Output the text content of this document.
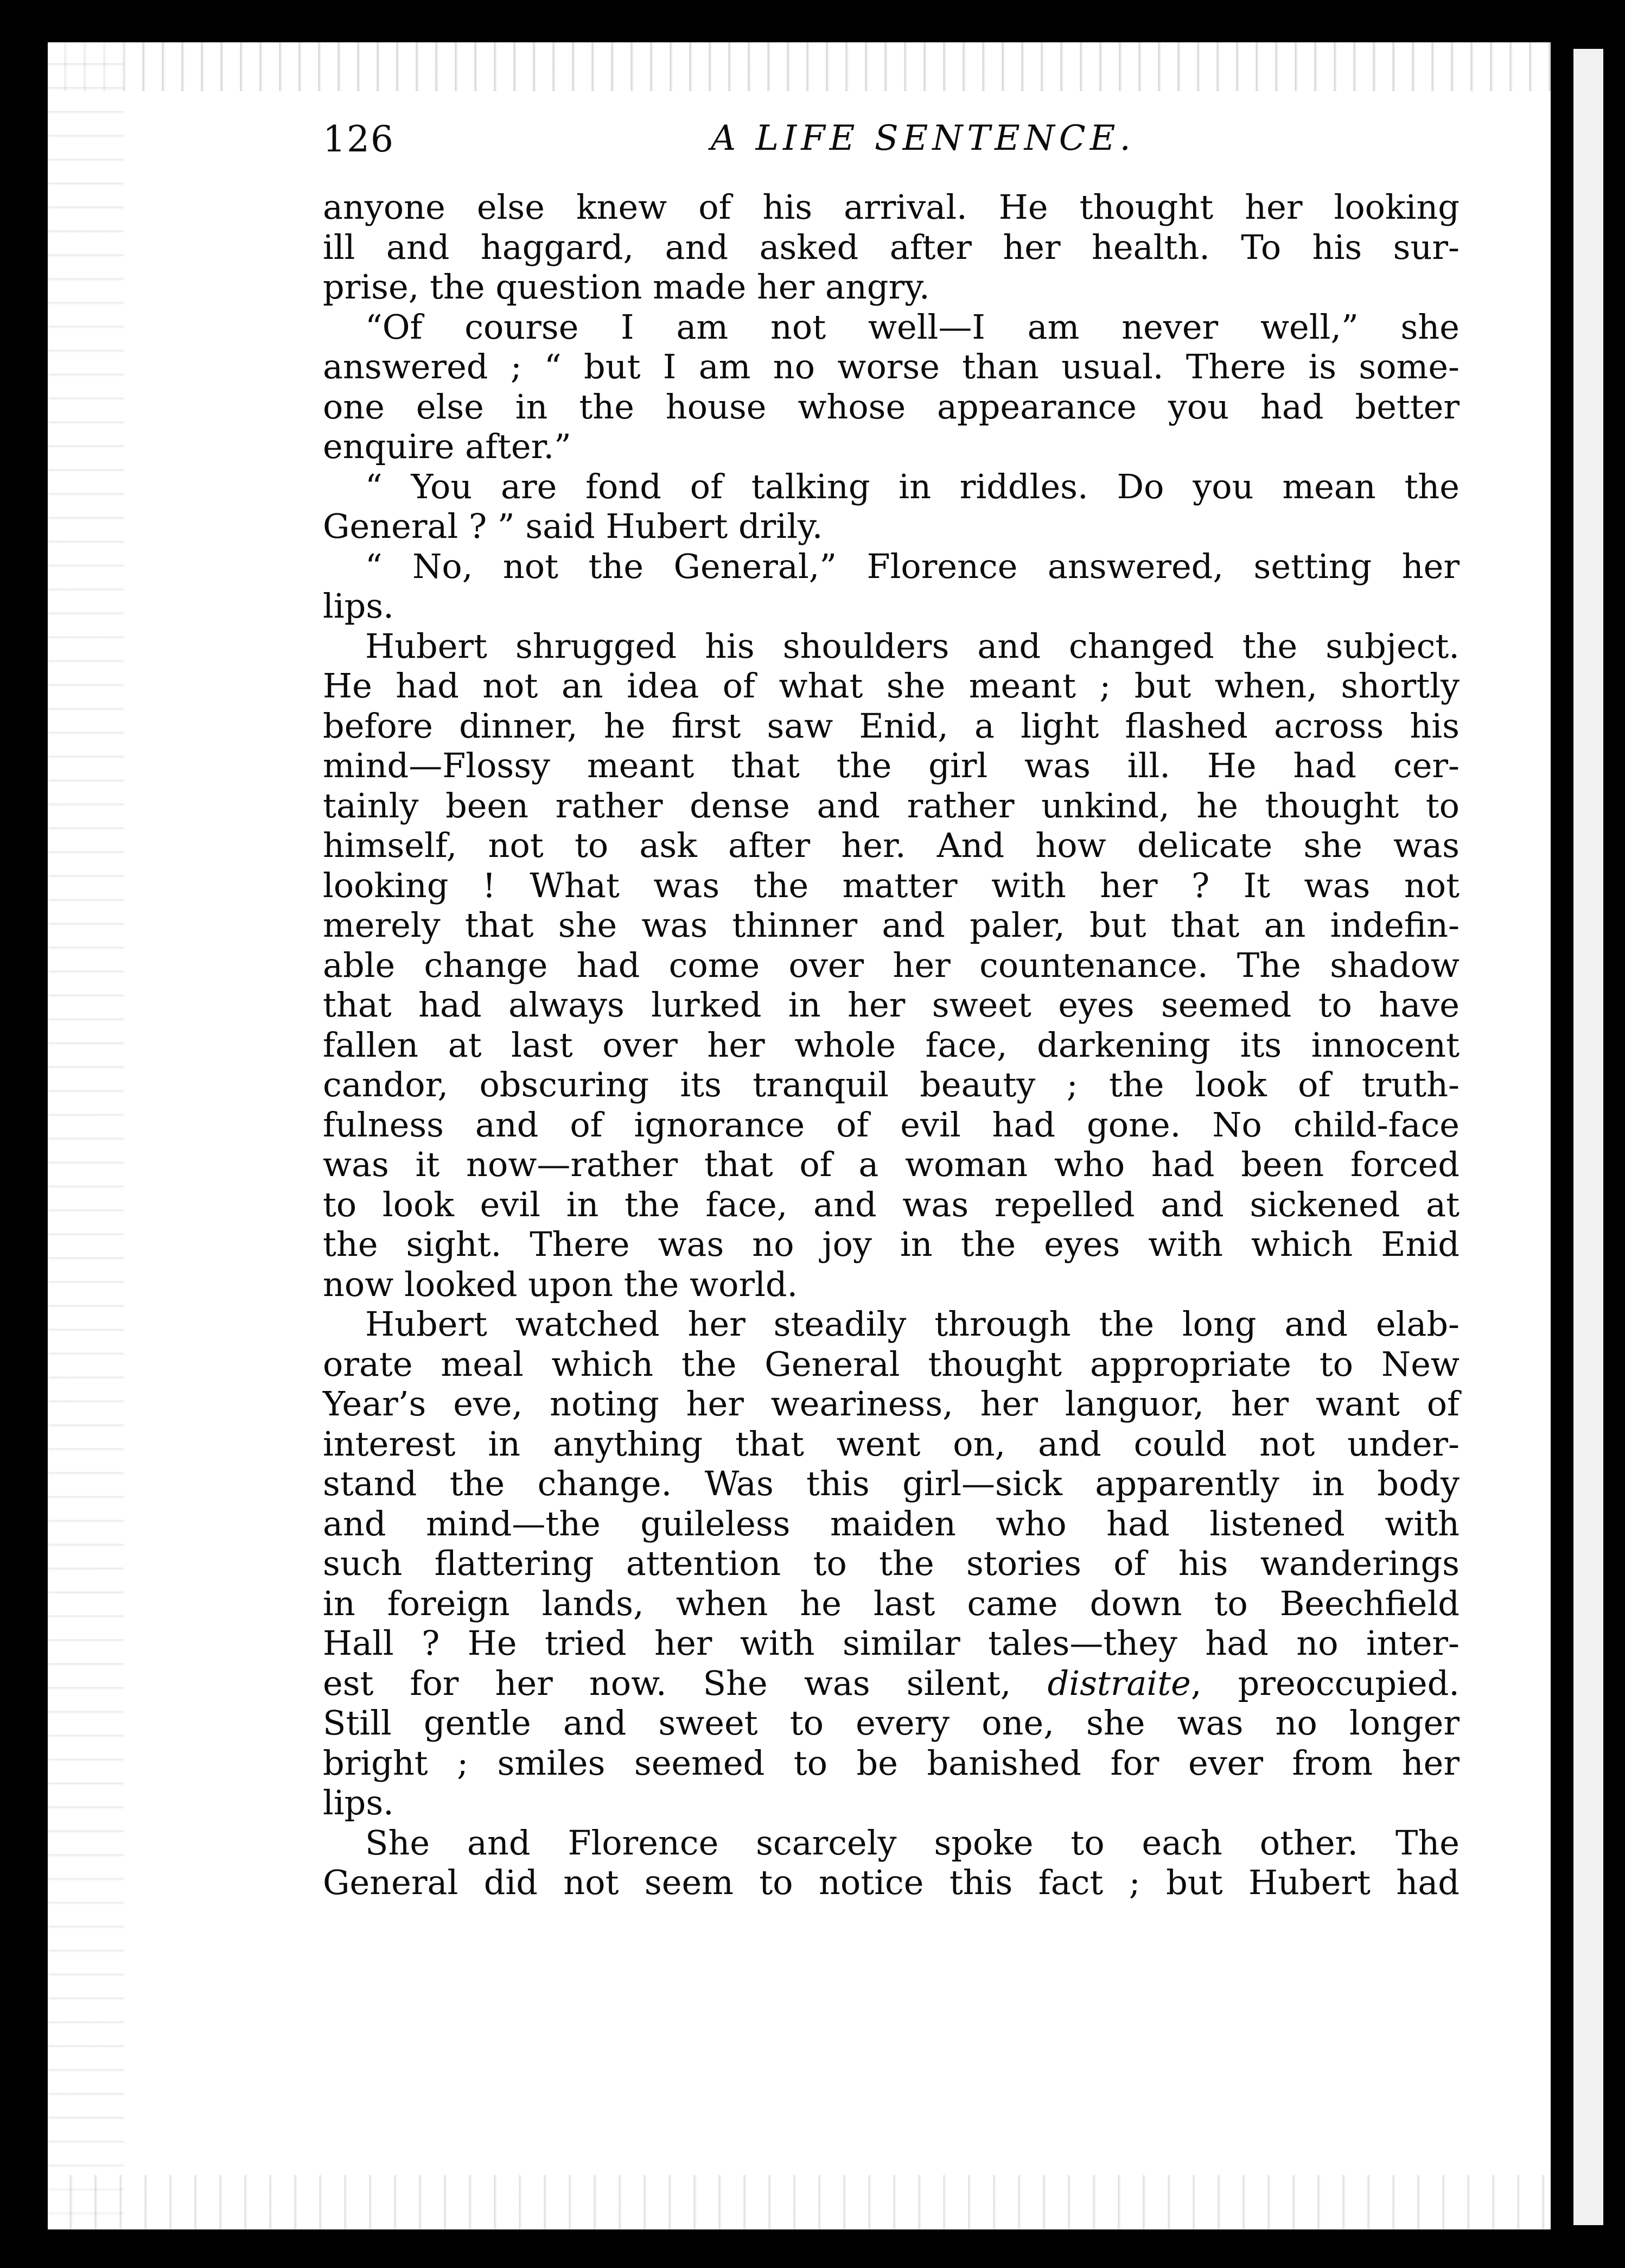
126	A LIFE SENTENCE.
anyone else knew of his arrival. He thought her looking
ill and haggard, and asked after her health. To his sur-
prise, the question made her angry.
“Of course I am not well—I am never well,” she
answered ; “ but I am no worse than usual. There is some-
one else in the house whose appearance you had better
enquire after.”
“ You are fond of talking in riddles. Do you mean the
General ? ” said Hubert drily.
“ No, not the General,” Florence answered, setting her
lips.
Hubert shrugged his shoulders and changed the subject.
He had not an idea of what she meant ; but when, shortly
before dinner, he first saw Enid, a light flashed across his
mind—Flossy meant that the girl was ill. He had cer-
tainly been rather dense and rather unkind, he thought to
himself, not to ask after her. And how delicate she was
looking ! What was the matter with her ? It was not
merely that she was thinner and paler, but that an indefin-
able change had come over her countenance. The shadow
that had always lurked in her sweet eyes seemed to have
fallen at last over her whole face, darkening its innocent
candor, obscuring its tranquil beauty ; the look of truth-
fulness and of ignorance of evil had gone. No child-face
was it now—rather that of a woman who had been forced
to look evil in the face, and was repelled and sickened at
the sight. There was no joy in the eyes with which Enid
now looked upon the world.
Hubert watched her steadily through the long and elab-
orate meal which the General thought appropriate to New
Year’s eve, noting her weariness, her languor, her want of
interest in anything that went on, and could not under-
stand the change. Was this girl—sick apparently in body
and mind—the guileless maiden who had listened with
such flattering attention to the stories of his wanderings
in foreign lands, when he last came down to Beechfield
Hall ? He tried her with similar tales—they had no inter-
est for her now. She was silent, distraite, preoccupied.
Still gentle and sweet to every one, she was no longer
bright ; smiles seemed to be banished for ever from her
lips.
She and Florence scarcely spoke to each other. The
General did not seem to notice this fact ; but Hubert had
